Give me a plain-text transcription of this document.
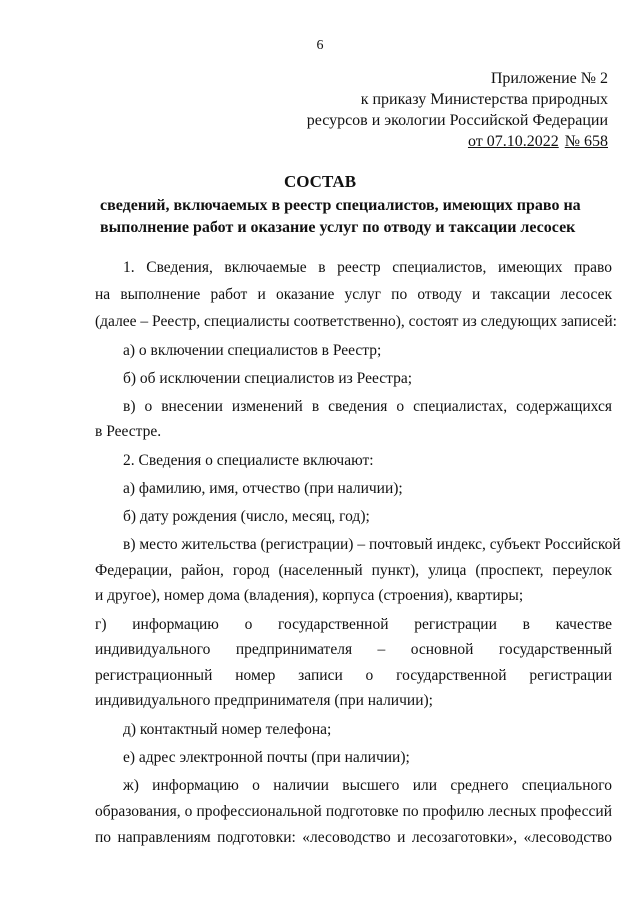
6
Приложение № 2
к приказу Министерства природных
ресурсов и экологии Российской Федерации
от 07.10.2022 № 658
СОСТАВ
сведений, включаемых в реестр специалистов, имеющих право на
выполнение работ и оказание услуг по отводу и таксации лесосек
1. Сведения, включаемые в реестр специалистов, имеющих право
на выполнение работ и оказание услуг по отводу и таксации лесосек
(далее – Реестр, специалисты соответственно), состоят из следующих записей:
а) о включении специалистов в Реестр;
б) об исключении специалистов из Реестра;
в) о внесении изменений в сведения о специалистах, содержащихся
в Реестре.
2. Сведения о специалисте включают:
а) фамилию, имя, отчество (при наличии);
б) дату рождения (число, месяц, год);
в) место жительства (регистрации) – почтовый индекс, субъект Российской
Федерации, район, город (населенный пункт), улица (проспект, переулок
и другое), номер дома (владения), корпуса (строения), квартиры;
г) информацию о государственной регистрации в качестве
индивидуального предпринимателя – основной государственный
регистрационный номер записи о государственной регистрации
индивидуального предпринимателя (при наличии);
д) контактный номер телефона;
е) адрес электронной почты (при наличии);
ж) информацию о наличии высшего или среднего специального
образования, о профессиональной подготовке по профилю лесных профессий
по направлениям подготовки: «лесоводство и лесозаготовки», «лесоводство
